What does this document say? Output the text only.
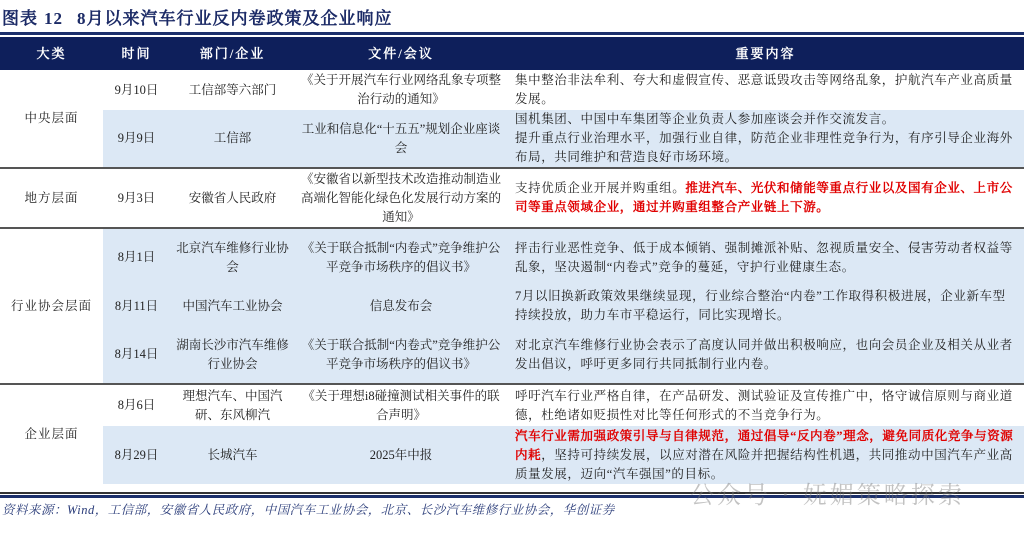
图表 12 8月以来汽车行业反内卷政策及企业响应
大类	时间	部门/企业	文件/会议	重要内容
中央层面	9月10日	工信部等六部门	《关于开展汽车行业网络乱象专项整治行动的通知》	集中整治非法牟利、夸大和虚假宣传、恶意诋毁攻击等网络乱象，护航汽车产业高质量发展。
	9月9日	工信部	工业和信息化“十五五”规划企业座谈会	国机集团、中国中车集团等企业负责人参加座谈会并作交流发言。
提升重点行业治理水平，加强行业自律，防范企业非理性竞争行为，有序引导企业海外布局，共同维护和营造良好市场环境。
地方层面	9月3日	安徽省人民政府	《安徽省以新型技术改造推动制造业高端化智能化绿色化发展行动方案的通知》	支持优质企业开展并购重组。推进汽车、光伏和储能等重点行业以及国有企业、上市公司等重点领域企业，通过并购重组整合产业链上下游。
行业协会层面	8月1日	北京汽车维修行业协会	《关于联合抵制“内卷式”竞争维护公平竞争市场秩序的倡议书》	抨击行业恶性竞争、低于成本倾销、强制摊派补贴、忽视质量安全、侵害劳动者权益等乱象，坚决遏制“内卷式”竞争的蔓延，守护行业健康生态。
	8月11日	中国汽车工业协会	信息发布会	7月以旧换新政策效果继续显现，行业综合整治“内卷”工作取得积极进展，企业新车型持续投放，助力车市平稳运行，同比实现增长。
	8月14日	湖南长沙市汽车维修行业协会	《关于联合抵制“内卷式”竞争维护公平竞争市场秩序的倡议书》	对北京汽车维修行业协会表示了高度认同并做出积极响应，也向会员企业及相关从业者发出倡议，呼吁更多同行共同抵制行业内卷。
企业层面	8月6日	理想汽车、中国汽研、东风柳汽	《关于理想i8碰撞测试相关事件的联合声明》	呼吁汽车行业严格自律，在产品研发、测试验证及宣传推广中，恪守诚信原则与商业道德，杜绝诸如贬损性对比等任何形式的不当竞争行为。
	8月29日	长城汽车	2025年中报	汽车行业需加强政策引导与自律规范，通过倡导“反内卷”理念，避免同质化竞争与资源内耗，坚持可持续发展，以应对潜在风险并把握结构性机遇，共同推动中国汽车产业高质量发展，迈向“汽车强国”的目标。
资料来源：Wind，工信部，安徽省人民政府，中国汽车工业协会，北京、长沙汽车维修行业协会，华创证券
公众号 · 妩媚策略探索
